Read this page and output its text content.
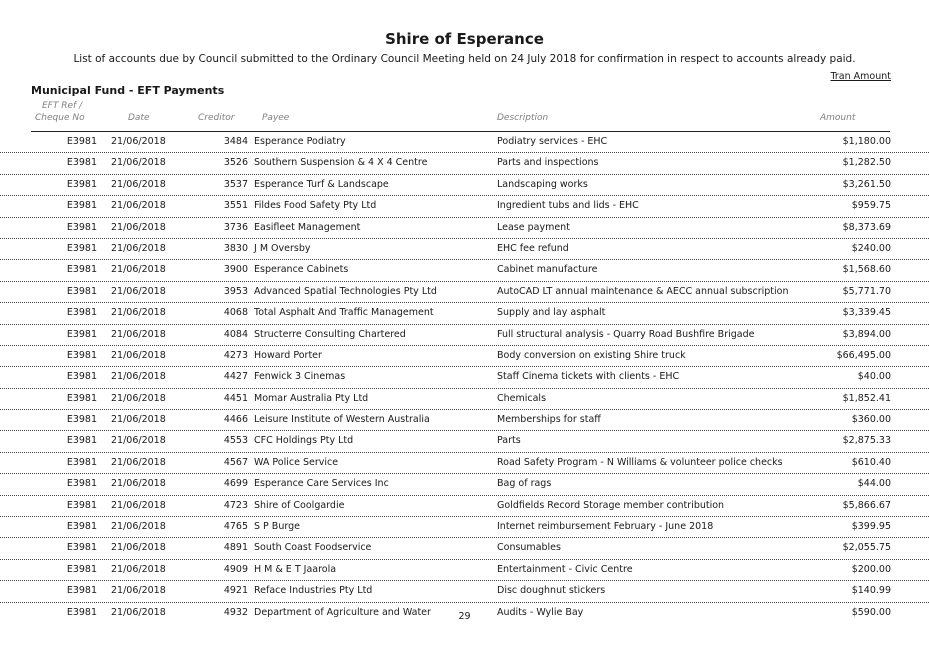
Shire of Esperance
List of accounts due by Council submitted to the Ordinary Council Meeting held on 24 July 2018 for confirmation in respect to accounts already paid.
Tran Amount
Municipal Fund - EFT Payments
EFT Ref /
Cheque No	Date	Creditor	Payee	Description	Amount
E3981 21/06/2018	3484 Esperance Podiatry	Podiatry services - EHC	$1,180.00
E3981 21/06/2018	3526 Southern Suspension & 4 X 4 Centre	Parts and inspections	$1,282.50
E3981 21/06/2018	3537 Esperance Turf & Landscape	Landscaping works	$3,261.50
E3981 21/06/2018	3551 Fildes Food Safety Pty Ltd	Ingredient tubs and lids - EHC	$959.75
E3981 21/06/2018	3736 Easifleet Management	Lease payment	$8,373.69
E3981 21/06/2018	3830 J M Oversby	EHC fee refund	$240.00
E3981 21/06/2018	3900 Esperance Cabinets	Cabinet manufacture	$1,568.60
E3981 21/06/2018	3953 Advanced Spatial Technologies Pty Ltd	AutoCAD LT annual maintenance & AECC annual subscription	$5,771.70
E3981 21/06/2018	4068 Total Asphalt And Traffic Management	Supply and lay asphalt	$3,339.45
E3981 21/06/2018	4084 Structerre Consulting Chartered	Full structural analysis - Quarry Road Bushfire Brigade	$3,894.00
E3981 21/06/2018	4273 Howard Porter	Body conversion on existing Shire truck	$66,495.00
E3981 21/06/2018	4427 Fenwick 3 Cinemas	Staff Cinema tickets with clients - EHC	$40.00
E3981 21/06/2018	4451 Momar Australia Pty Ltd	Chemicals	$1,852.41
E3981 21/06/2018	4466 Leisure Institute of Western Australia	Memberships for staff	$360.00
E3981 21/06/2018	4553 CFC Holdings Pty Ltd	Parts	$2,875.33
E3981 21/06/2018	4567 WA Police Service	Road Safety Program - N Williams & volunteer police checks	$610.40
E3981 21/06/2018	4699 Esperance Care Services Inc	Bag of rags	$44.00
E3981 21/06/2018	4723 Shire of Coolgardie	Goldfields Record Storage member contribution	$5,866.67
E3981 21/06/2018	4765 S P Burge	Internet reimbursement February - June 2018	$399.95
E3981 21/06/2018	4891 South Coast Foodservice	Consumables	$2,055.75
E3981 21/06/2018	4909 H M & E T Jaarola	Entertainment - Civic Centre	$200.00
E3981 21/06/2018	4921 Reface Industries Pty Ltd	Disc doughnut stickers	$140.99
E3981 21/06/2018	4932 Department of Agriculture and Water	Audits - Wylie Bay	$590.00
29
